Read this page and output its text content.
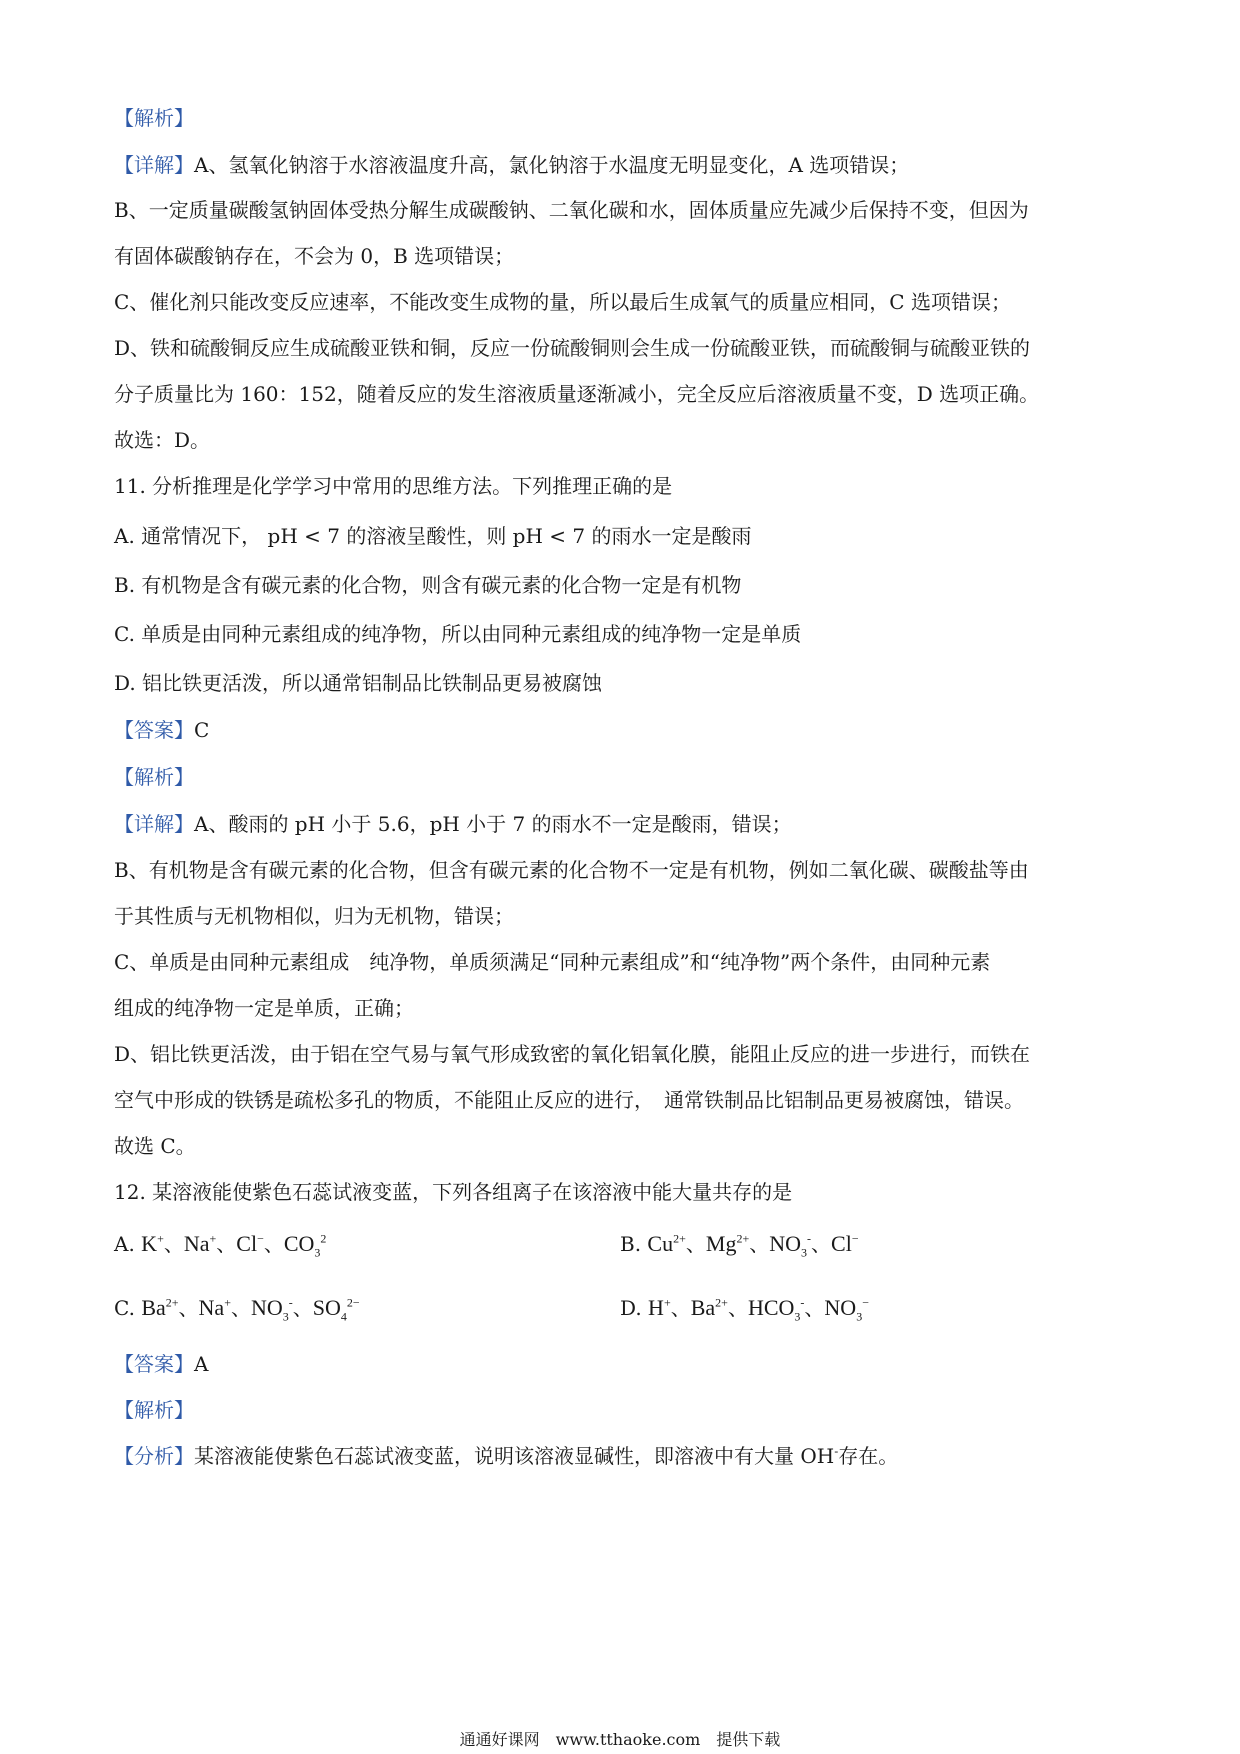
【解析】
【详解】A、氢氧化钠溶于水溶液温度升高，氯化钠溶于水温度无明显变化，A 选项错误；
B、一定质量碳酸氢钠固体受热分解生成碳酸钠、二氧化碳和水，固体质量应先减少后保持不变，但因为
有固体碳酸钠存在，不会为 0，B 选项错误；
C、催化剂只能改变反应速率，不能改变生成物的量，所以最后生成氧气的质量应相同，C 选项错误；
D、铁和硫酸铜反应生成硫酸亚铁和铜，反应一份硫酸铜则会生成一份硫酸亚铁，而硫酸铜与硫酸亚铁的
分子质量比为 160：152，随着反应的发生溶液质量逐渐减小，完全反应后溶液质量不变，D 选项正确。
故选：D。
11. 分析推理是化学学习中常用的思维方法。下列推理正确的是
A. 通常情况下， pH < 7 的溶液呈酸性，则 pH < 7 的雨水一定是酸雨
B. 有机物是含有碳元素的化合物，则含有碳元素的化合物一定是有机物
C. 单质是由同种元素组成的纯净物，所以由同种元素组成的纯净物一定是单质
D. 铝比铁更活泼，所以通常铝制品比铁制品更易被腐蚀
【答案】C
【解析】
【详解】A、酸雨的 pH 小于 5.6，pH 小于 7 的雨水不一定是酸雨，错误；
B、有机物是含有碳元素的化合物，但含有碳元素的化合物不一定是有机物，例如二氧化碳、碳酸盐等由
于其性质与无机物相似，归为无机物，错误；
C、单质是由同种元素组成　纯净物，单质须满足“同种元素组成”和“纯净物”两个条件，由同种元素
组成的纯净物一定是单质，正确；
D、铝比铁更活泼，由于铝在空气易与氧气形成致密的氧化铝氧化膜，能阻止反应的进一步进行，而铁在
空气中形成的铁锈是疏松多孔的物质，不能阻止反应的进行，　通常铁制品比铝制品更易被腐蚀，错误。
故选 C。
12. 某溶液能使紫色石蕊试液变蓝，下列各组离子在该溶液中能大量共存的是
A. K+、Na+、Cl−、$CO_3^2$	B. $Cu^{2+}$、$Mg^{2+}$、$NO_3^-$、Cl−
C. $Ba^{2+}$、Na+、$NO_3^-$、$SO_4^{2-}$	D. H+、$Ba^{2+}$、$HCO_3^-$、$NO_3^-$
【答案】A
【解析】
【分析】某溶液能使紫色石蕊试液变蓝，说明该溶液显碱性，即溶液中有大量 OH-存在。
通通好课网　www.tthaoke.com　提供下载
